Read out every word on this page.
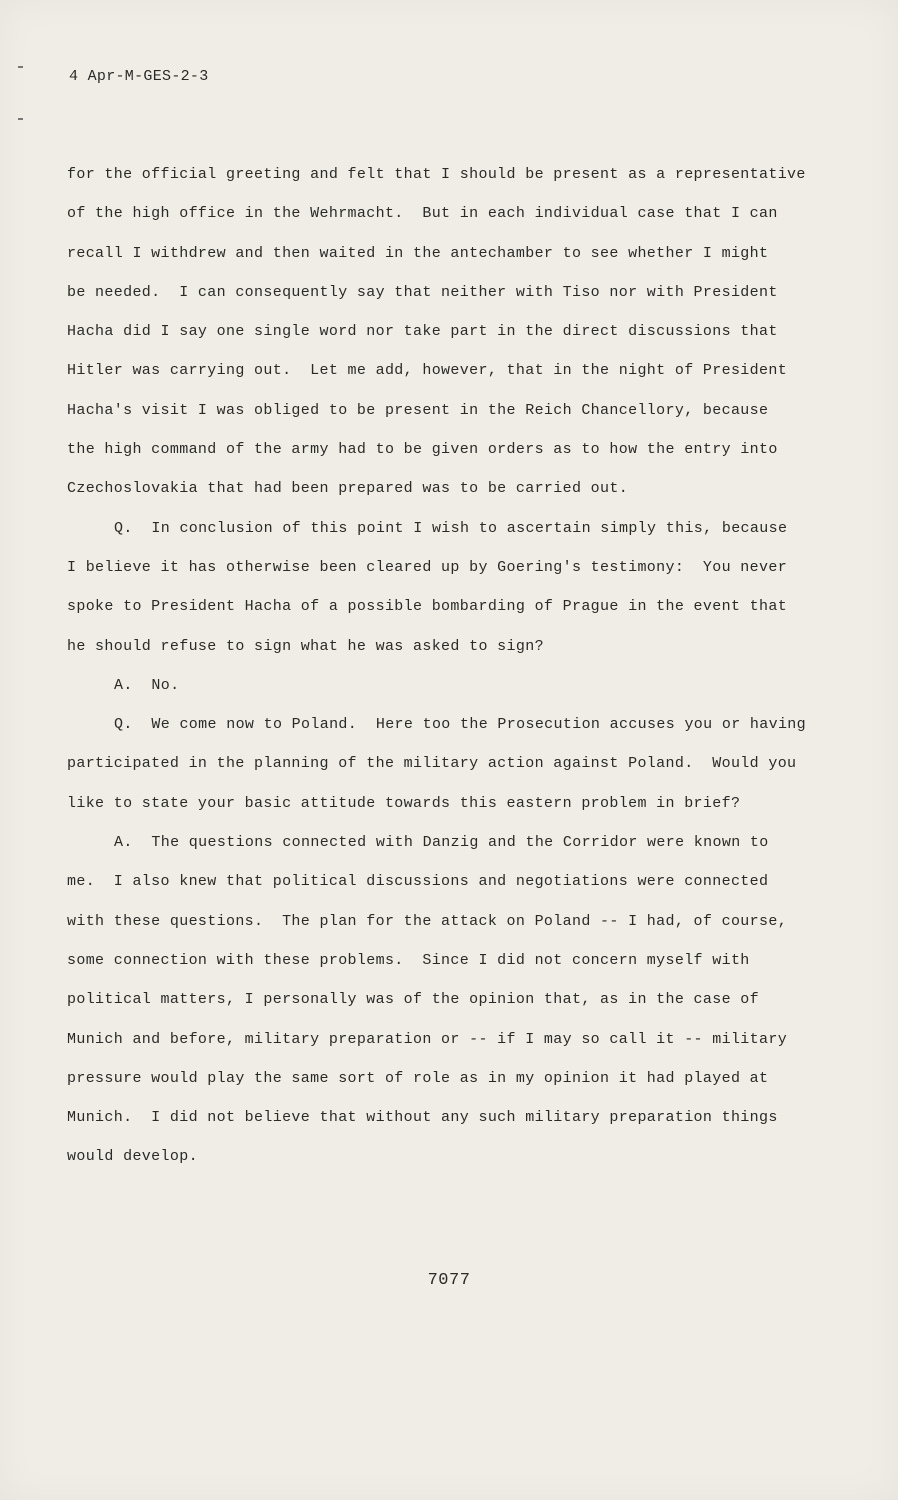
4 Apr-M-GES-2-3
for the official greeting and felt that I should be present as a representative
of the high office in the Wehrmacht.  But in each individual case that I can
recall I withdrew and then waited in the antechamber to see whether I might
be needed.  I can consequently say that neither with Tiso nor with President
Hacha did I say one single word nor take part in the direct discussions that
Hitler was carrying out.  Let me add, however, that in the night of President
Hacha's visit I was obliged to be present in the Reich Chancellory, because
the high command of the army had to be given orders as to how the entry into
Czechoslovakia that had been prepared was to be carried out.
Q.  In conclusion of this point I wish to ascertain simply this, because
I believe it has otherwise been cleared up by Goering's testimony:  You never
spoke to President Hacha of a possible bombarding of Prague in the event that
he should refuse to sign what he was asked to sign?
A.  No.
Q.  We come now to Poland.  Here too the Prosecution accuses you or having
participated in the planning of the military action against Poland.  Would you
like to state your basic attitude towards this eastern problem in brief?
A.  The questions connected with Danzig and the Corridor were known to
me.  I also knew that political discussions and negotiations were connected
with these questions.  The plan for the attack on Poland -- I had, of course,
some connection with these problems.  Since I did not concern myself with
political matters, I personally was of the opinion that, as in the case of
Munich and before, military preparation or -- if I may so call it -- military
pressure would play the same sort of role as in my opinion it had played at
Munich.  I did not believe that without any such military preparation things
would develop.
7077
